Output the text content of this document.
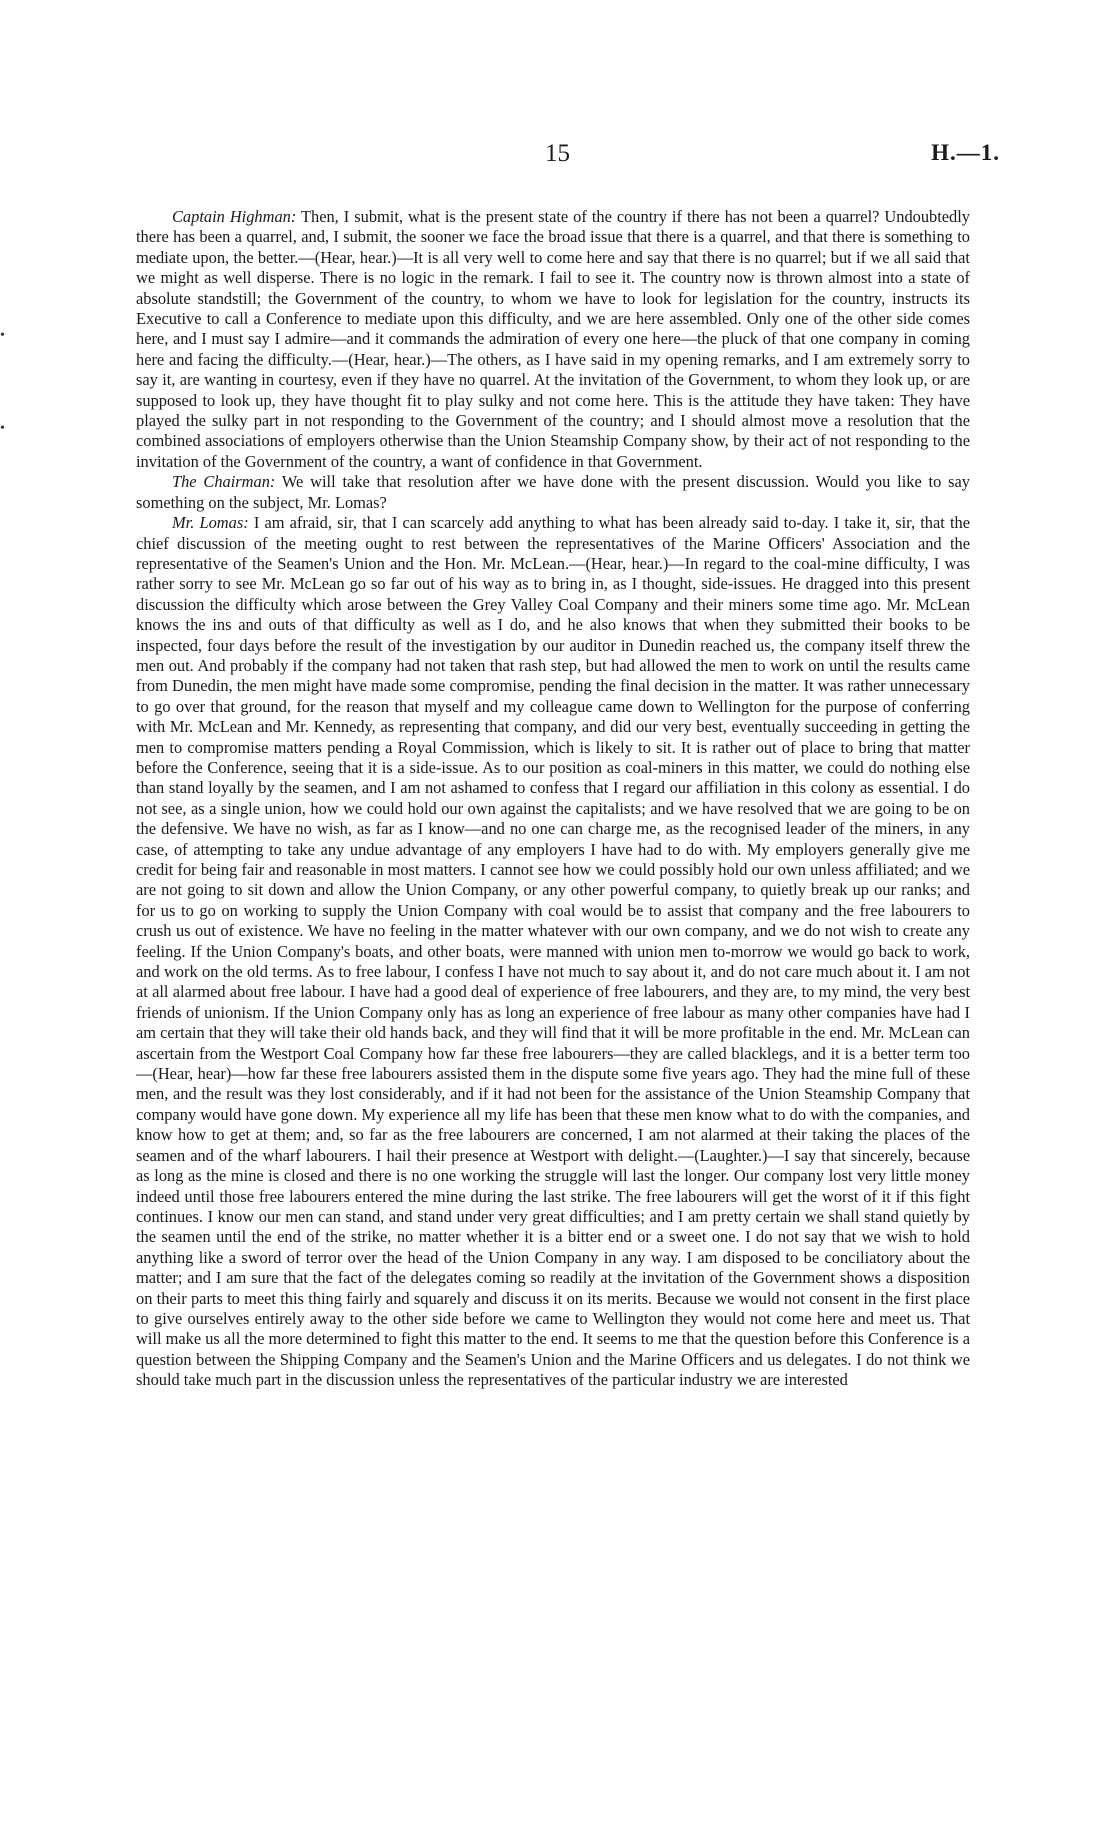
•
•
15	H.—1.

Captain Highman: Then, I submit, what is the present state of the country if there has not been a quarrel? Undoubtedly there has been a quarrel, and, I submit, the sooner we face the broad issue that there is a quarrel, and that there is something to mediate upon, the better.—(Hear, hear.)—It is all very well to come here and say that there is no quarrel; but if we all said that we might as well disperse. There is no logic in the remark. I fail to see it. The country now is thrown almost into a state of absolute standstill; the Government of the country, to whom we have to look for legislation for the country, instructs its Executive to call a Conference to mediate upon this difficulty, and we are here assembled. Only one of the other side comes here, and I must say I admire—and it commands the admiration of every one here—the pluck of that one company in coming here and facing the difficulty.—(Hear, hear.)—The others, as I have said in my opening remarks, and I am extremely sorry to say it, are wanting in courtesy, even if they have no quarrel. At the invitation of the Government, to whom they look up, or are supposed to look up, they have thought fit to play sulky and not come here. This is the attitude they have taken: They have played the sulky part in not responding to the Government of the country; and I should almost move a resolution that the combined associations of employers otherwise than the Union Steamship Company show, by their act of not responding to the invitation of the Government of the country, a want of confidence in that Government.

The Chairman: We will take that resolution after we have done with the present discussion. Would you like to say something on the subject, Mr. Lomas?

Mr. Lomas: I am afraid, sir, that I can scarcely add anything to what has been already said to-day. I take it, sir, that the chief discussion of the meeting ought to rest between the representatives of the Marine Officers' Association and the representative of the Seamen's Union and the Hon. Mr. McLean.—(Hear, hear.)—In regard to the coal-mine difficulty, I was rather sorry to see Mr. McLean go so far out of his way as to bring in, as I thought, side-issues. He dragged into this present discussion the difficulty which arose between the Grey Valley Coal Company and their miners some time ago. Mr. McLean knows the ins and outs of that difficulty as well as I do, and he also knows that when they submitted their books to be inspected, four days before the result of the investigation by our auditor in Dunedin reached us, the company itself threw the men out. And probably if the company had not taken that rash step, but had allowed the men to work on until the results came from Dunedin, the men might have made some compromise, pending the final decision in the matter. It was rather unnecessary to go over that ground, for the reason that myself and my colleague came down to Wellington for the purpose of conferring with Mr. McLean and Mr. Kennedy, as representing that company, and did our very best, eventually succeeding in getting the men to compromise matters pending a Royal Commission, which is likely to sit. It is rather out of place to bring that matter before the Conference, seeing that it is a side-issue. As to our position as coal-miners in this matter, we could do nothing else than stand loyally by the seamen, and I am not ashamed to confess that I regard our affiliation in this colony as essential. I do not see, as a single union, how we could hold our own against the capitalists; and we have resolved that we are going to be on the defensive. We have no wish, as far as I know—and no one can charge me, as the recognised leader of the miners, in any case, of attempting to take any undue advantage of any employers I have had to do with. My employers generally give me credit for being fair and reasonable in most matters. I cannot see how we could possibly hold our own unless affiliated; and we are not going to sit down and allow the Union Company, or any other powerful company, to quietly break up our ranks; and for us to go on working to supply the Union Company with coal would be to assist that company and the free labourers to crush us out of existence. We have no feeling in the matter whatever with our own company, and we do not wish to create any feeling. If the Union Company's boats, and other boats, were manned with union men to-morrow we would go back to work, and work on the old terms. As to free labour, I confess I have not much to say about it, and do not care much about it. I am not at all alarmed about free labour. I have had a good deal of experience of free labourers, and they are, to my mind, the very best friends of unionism. If the Union Company only has as long an experience of free labour as many other companies have had I am certain that they will take their old hands back, and they will find that it will be more profitable in the end. Mr. McLean can ascertain from the Westport Coal Company how far these free labourers—they are called blacklegs, and it is a better term too—(Hear, hear)—how far these free labourers assisted them in the dispute some five years ago. They had the mine full of these men, and the result was they lost considerably, and if it had not been for the assistance of the Union Steamship Company that company would have gone down. My experience all my life has been that these men know what to do with the companies, and know how to get at them; and, so far as the free labourers are concerned, I am not alarmed at their taking the places of the seamen and of the wharf labourers. I hail their presence at Westport with delight.—(Laughter.)—I say that sincerely, because as long as the mine is closed and there is no one working the struggle will last the longer. Our company lost very little money indeed until those free labourers entered the mine during the last strike. The free labourers will get the worst of it if this fight continues. I know our men can stand, and stand under very great difficulties; and I am pretty certain we shall stand quietly by the seamen until the end of the strike, no matter whether it is a bitter end or a sweet one. I do not say that we wish to hold anything like a sword of terror over the head of the Union Company in any way. I am disposed to be conciliatory about the matter; and I am sure that the fact of the delegates coming so readily at the invitation of the Government shows a disposition on their parts to meet this thing fairly and squarely and discuss it on its merits. Because we would not consent in the first place to give ourselves entirely away to the other side before we came to Wellington they would not come here and meet us. That will make us all the more determined to fight this matter to the end. It seems to me that the question before this Conference is a question between the Shipping Company and the Seamen's Union and the Marine Officers and us delegates. I do not think we should take much part in the discussion unless the representatives of the particular industry we are interested
